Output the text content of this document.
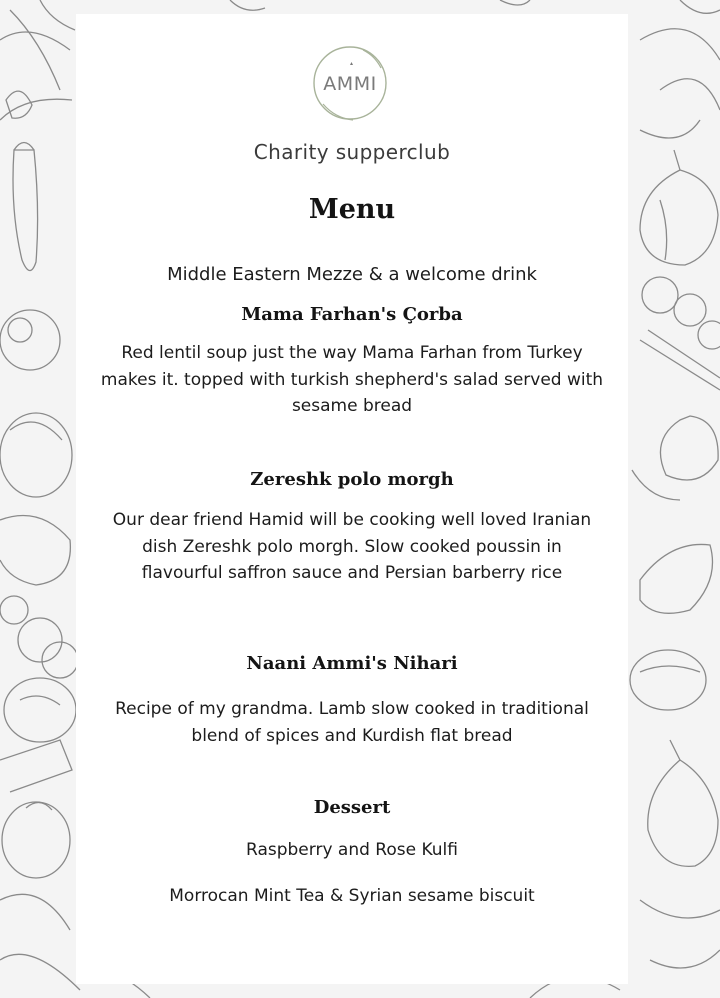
AMMI
Charity supperclub
Menu
Middle Eastern Mezze & a welcome drink
Mama Farhan's Çorba
Red lentil soup just the way Mama Farhan from Turkey makes it. topped with turkish shepherd's salad served with sesame bread
Zereshk polo morgh
Our dear friend Hamid will be cooking well loved Iranian dish Zereshk polo morgh. Slow cooked poussin in flavourful saffron sauce and Persian barberry rice
Naani Ammi's Nihari
Recipe of my grandma. Lamb slow cooked in traditional blend of spices and Kurdish flat bread
Dessert
Raspberry and Rose Kulfi
Morrocan Mint Tea & Syrian sesame biscuit
